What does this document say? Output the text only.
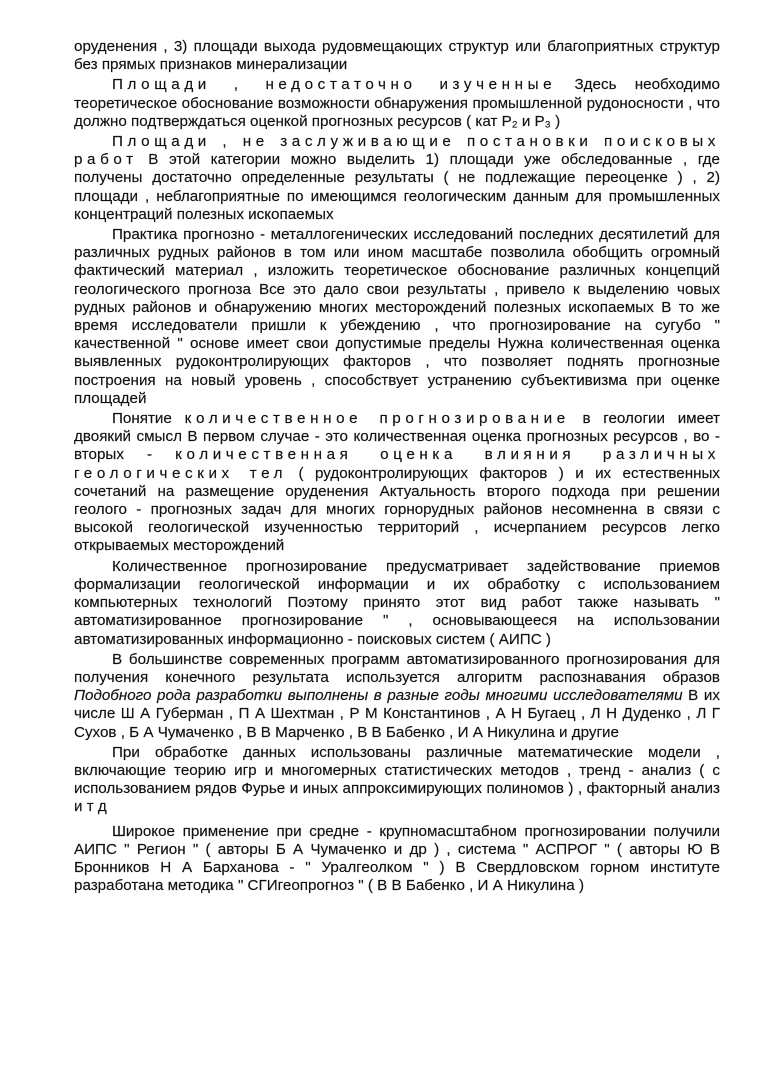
оруденения , 3) площади выхода рудовмещающих структур или благоприятных структур без прямых признаков минерализации

Площади , недостаточно изученные Здесь необходимо теоретическое обоснование возможности обнаружения промышленной рудоносности , что должно подтверждаться оценкой прогнозных ресурсов ( кат P₂ и P₃ )

Площади , не заслуживающие постановки поисковых работ В этой категории можно выделить 1) площади уже обследованные , где получены достаточно определенные результаты ( не подлежащие переоценке ) , 2) площади , неблагоприятные по имеющимся геологическим данным для промышленных концентраций полезных ископаемых

Практика прогнозно - металлогенических исследований последних десятилетий для различных рудных районов в том или ином масштабе позволила обобщить огромный фактический материал , изложить теоретическое обоснование различных концепций геологического прогноза Все это дало свои результаты , привело к выделению човых рудных районов и обнаружению многих месторождений полезных ископаемых В то же время исследователи пришли к убеждению , что прогнозирование на сугубо " качественной " основе имеет свои допустимые пределы Нужна количественная оценка выявленных рудоконтролирующих факторов , что позволяет поднять прогнозные построения на новый уровень , способствует устранению субъективизма при оценке площадей

Понятие количественное прогнозирование в геологии имеет двоякий смысл В первом случае - это количественная оценка прогнозных ресурсов , во - вторых - количественная оценка влияния различных геологических тел ( рудоконтролирующих факторов ) и их естественных сочетаний на размещение оруденения Актуальность второго подхода при решении геолого - прогнозных задач для многих горнорудных районов несомненна в связи с высокой геологической изученностью территорий , исчерпанием ресурсов легко открываемых месторождений

Количественное прогнозирование предусматривает задействование приемов формализации геологической информации и их обработку с использованием компьютерных технологий Поэтому принято этот вид работ также называть " автоматизированное прогнозирование " , основывающееся на использовании автоматизированных информационно - поисковых систем ( АИПС )

В большинстве современных программ автоматизированного прогнозирования для получения конечного результата используется алгоритм распознавания образов Подобного рода разработки выполнены в разные годы многими исследователями В их числе Ш А Губерман , П А Шехтман , Р М Константинов , А Н Бугаец , Л Н Дуденко , Л Г Сухов , Б А Чумаченко , В В Марченко , В В Бабенко , И А Никулина и другие

При обработке данных использованы различные математические модели , включающие теорию игр и многомерных статистических методов , тренд - анализ ( с использованием рядов Фурье и иных аппроксимирующих полиномов ) , факторный анализ и т д

Широкое применение при средне - крупномасштабном прогнозировании получили АИПС " Регион " ( авторы Б А Чумаченко и др ) , система " АСПРОГ " ( авторы Ю В Бронников Н А Барханова - " Уралгеолком " ) В Свердловском горном институте разработана методика " СГИгеопрогноз " ( В В Бабенко , И А Никулина )
